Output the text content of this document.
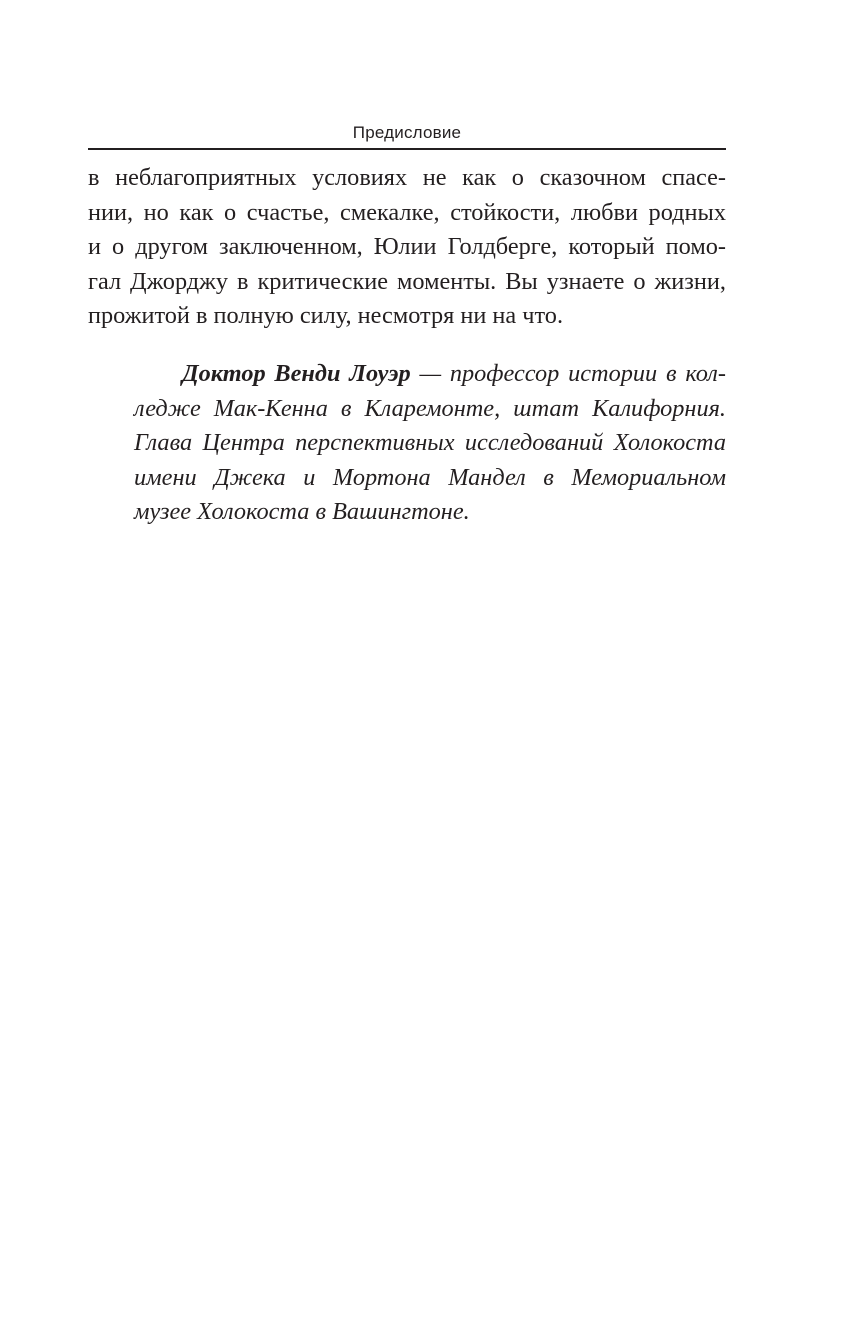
Предисловие

в неблагоприятных условиях не как о сказочном спасе-
нии, но как о счастье, смекалке, стойкости, любви родных
и о другом заключенном, Юлии Голдберге, который помо-
гал Джорджу в критические моменты. Вы узнаете о жизни,
прожитой в полную силу, несмотря ни на что.

Доктор Венди Лоуэр — профессор истории в кол-
ледже Мак-Кенна в Кларемонте, штат Калифорния.
Глава Центра перспективных исследований Холокоста
имени Джека и Мортона Мандел в Мемориальном
музее Холокоста в Вашингтоне.
